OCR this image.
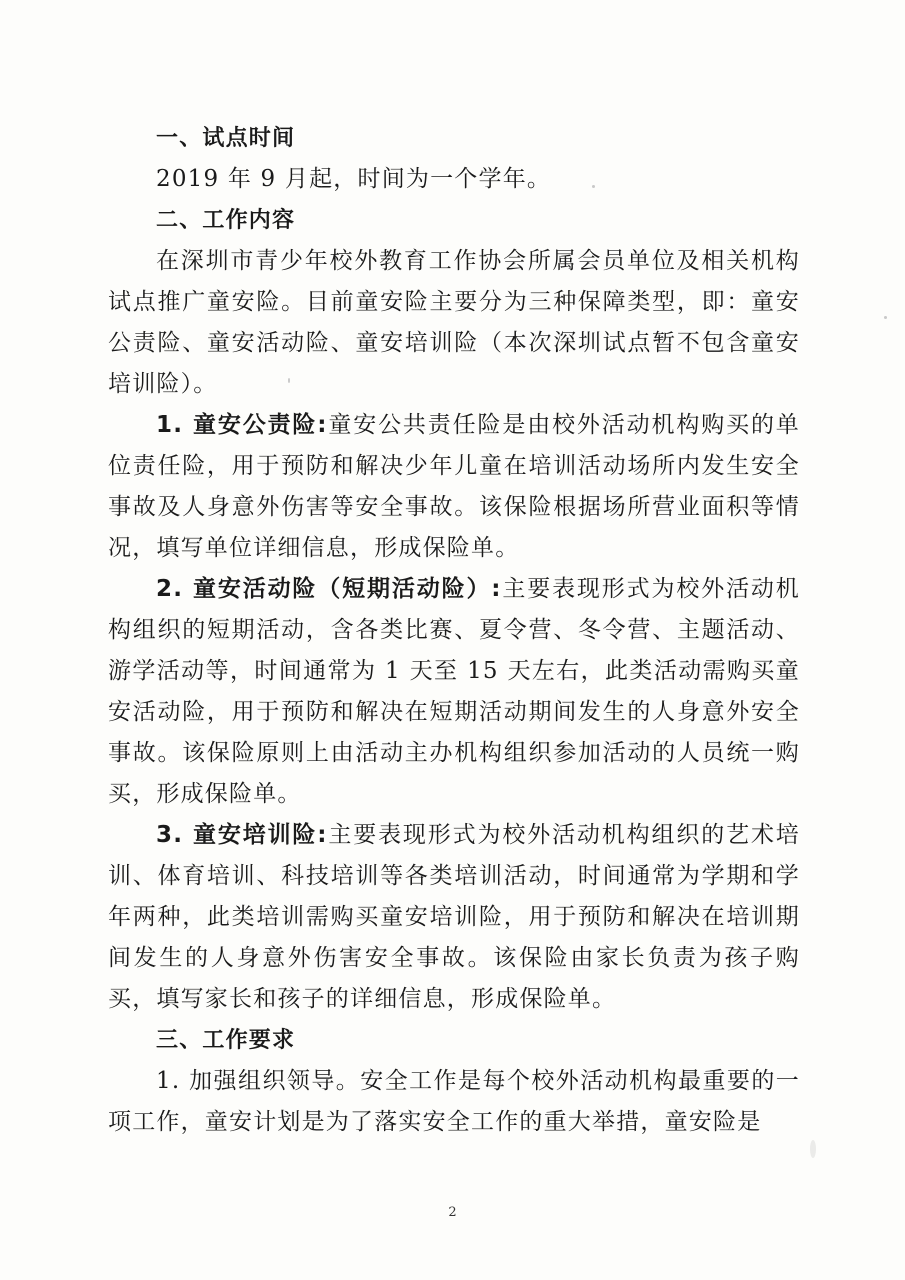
一、试点时间
2019 年 9 月起，时间为一个学年。
二、工作内容

在深圳市青少年校外教育工作协会所属会员单位及相关机构试点推广童安险。目前童安险主要分为三种保障类型，即：童安公责险、童安活动险、童安培训险（本次深圳试点暂不包含童安培训险）。

1. 童安公责险:童安公共责任险是由校外活动机构购买的单位责任险，用于预防和解决少年儿童在培训活动场所内发生安全事故及人身意外伤害等安全事故。该保险根据场所营业面积等情况，填写单位详细信息，形成保险单。

2. 童安活动险（短期活动险）:主要表现形式为校外活动机构组织的短期活动，含各类比赛、夏令营、冬令营、主题活动、游学活动等，时间通常为 1 天至 15 天左右，此类活动需购买童安活动险，用于预防和解决在短期活动期间发生的人身意外安全事故。该保险原则上由活动主办机构组织参加活动的人员统一购买，形成保险单。

3. 童安培训险:主要表现形式为校外活动机构组织的艺术培训、体育培训、科技培训等各类培训活动，时间通常为学期和学年两种，此类培训需购买童安培训险，用于预防和解决在培训期间发生的人身意外伤害安全事故。该保险由家长负责为孩子购买，填写家长和孩子的详细信息，形成保险单。

三、工作要求

1. 加强组织领导。安全工作是每个校外活动机构最重要的一项工作，童安计划是为了落实安全工作的重大举措，童安险是

2
